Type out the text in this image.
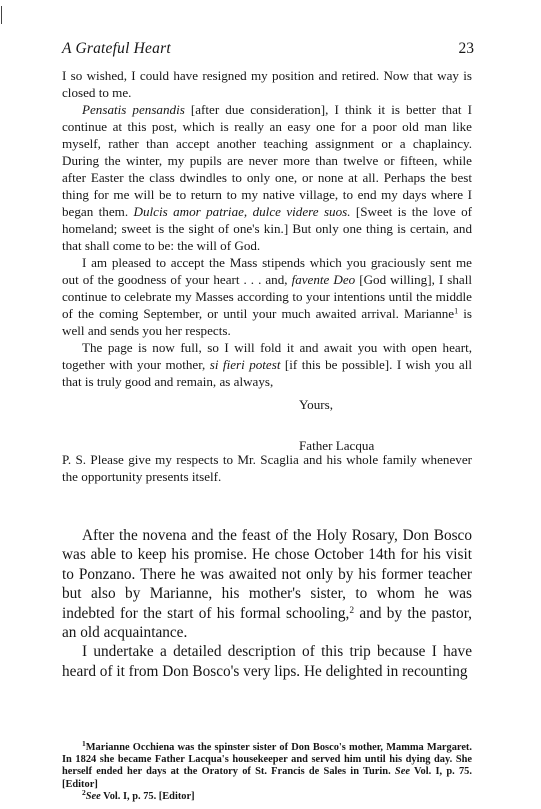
A Grateful Heart	23

I so wished, I could have resigned my position and retired. Now that way is closed to me.

Pensatis pensandis [after due consideration], I think it is better that I continue at this post, which is really an easy one for a poor old man like myself, rather than accept another teaching assignment or a chaplaincy. During the winter, my pupils are never more than twelve or fifteen, while after Easter the class dwindles to only one, or none at all. Perhaps the best thing for me will be to return to my native village, to end my days where I began them. Dulcis amor patriae, dulce videre suos. [Sweet is the love of homeland; sweet is the sight of one's kin.] But only one thing is certain, and that shall come to be: the will of God.

I am pleased to accept the Mass stipends which you graciously sent me out of the goodness of your heart . . . and, favente Deo [God willing], I shall continue to celebrate my Masses according to your intentions until the middle of the coming September, or until your much awaited arrival. Marianne$^1$ is well and sends you her respects.

The page is now full, so I will fold it and await you with open heart, together with your mother, si fieri potest [if this be possible]. I wish you all that is truly good and remain, as always,

Yours,
Father Lacqua

P. S. Please give my respects to Mr. Scaglia and his whole family whenever the opportunity presents itself.

After the novena and the feast of the Holy Rosary, Don Bosco was able to keep his promise. He chose October 14th for his visit to Ponzano. There he was awaited not only by his former teacher but also by Marianne, his mother's sister, to whom he was indebted for the start of his formal schooling,$^2$ and by the pastor, an old acquaintance.

I undertake a detailed description of this trip because I have heard of it from Don Bosco's very lips. He delighted in recounting

$^1$Marianne Occhiena was the spinster sister of Don Bosco's mother, Mamma Margaret. In 1824 she became Father Lacqua's housekeeper and served him until his dying day. She herself ended her days at the Oratory of St. Francis de Sales in Turin. See Vol. I, p. 75. [Editor]

$^2$See Vol. I, p. 75. [Editor]
